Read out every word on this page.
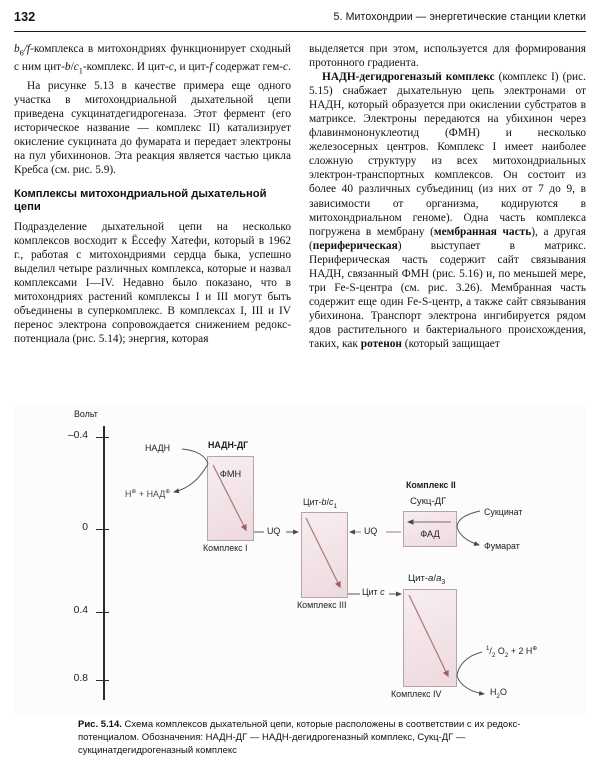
132	5. Митохондрии — энергетические станции клетки

$b_6/f$-комплекса в митохондриях функционирует сходный с ним цит-$b/c_1$-комплекс. И цит-c, и цит-f содержат гем-c.

На рисунке 5.13 в качестве примера еще одного участка в митохондриальной дыхательной цепи приведена сукцинатдегидрогеназа. Этот фермент (его историческое название — комплекс II) катализирует окисление сукцината до фумарата и передает электроны на пул убихинонов. Эта реакция является частью цикла Кребса (см. рис. 5.9).

Комплексы митохондриальной дыхательной цепи

Подразделение дыхательной цепи на несколько комплексов восходит к Ёссефу Хатефи, который в 1962 г., работая с митохондриями сердца быка, успешно выделил четыре различных комплекса, которые и назвал комплексами I—IV. Недавно было показано, что в митохондриях растений комплексы I и III могут быть объединены в суперкомплекс. В комплексах I, III и IV перенос электрона сопровождается снижением редокс-потенциала (рис. 5.14); энергия, которая

выделяется при этом, используется для формирования протонного градиента.

НАДН-дегидрогеназый комплекс (комплекс I) (рис. 5.15) снабжает дыхательную цепь электронами от НАДН, который образуется при окислении субстратов в матриксе. Электроны передаются на убихинон через флавинмононуклеотид (ФМН) и несколько железосерных центров. Комплекс I имеет наиболее сложную структуру из всех митохондриальных электрон-транспортных комплексов. Он состоит из более 40 различных субъединиц (из них от 7 до 9, в зависимости от организма, кодируются в митохондриальном геноме). Одна часть комплекса погружена в мембрану (мембранная часть), а другая (периферическая) выступает в матрикс. Периферическая часть содержит сайт связывания НАДН, связанный ФМН (рис. 5.16) и, по меньшей мере, три Fe-S-центра (см. рис. 3.26). Мембранная часть содержит еще один Fe-S-центр, а также сайт связывания убихинона. Транспорт электрона ингибируется рядом ядов растительного и бактериального происхождения, таких, как ротенон (который защищает

Вольт
–0.4
0
0.4
0.8
НАДН	НАДН-ДГ
Н⊕ + НАД⊕
ФМН
Комплекс I
Цит-$b/c_1$
Комплекс III
Комплекс II
Сукц-ДГ
ФАД
Сукцинат
Фумарат
Цит-$a/a_3$
Комплекс IV
$^1/_2$ $O_2 + 2$ Н⊕
$Н_2O$
UQ	UQ
Цит c
Рис. 5.14. Схема комплексов дыхательной цепи, которые расположены в соответствии с их редокс-потенциалом. Обозначения: НАДН-ДГ — НАДН-дегидрогеназный комплекс, Сукц-ДГ — сукцинатдегидрогеназный комплекс
